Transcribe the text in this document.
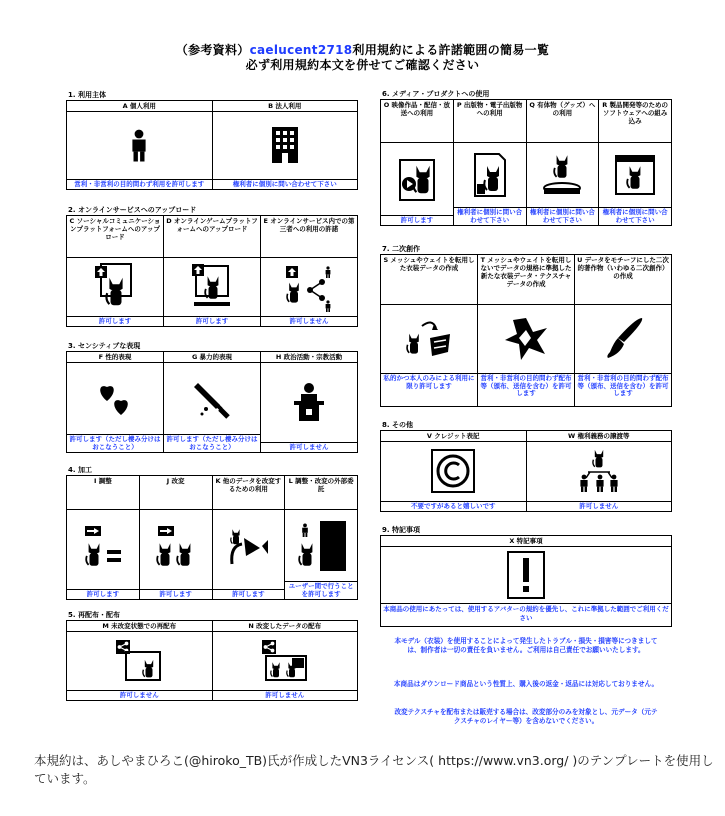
（参考資料）caelucent2718利用規約による許諾範囲の簡易一覧
必ず利用規約本文を併せてご確認ください
1. 利用主体
A 個人利用
営利・非営利の目的問わず利用を許可します
B 法人利用
権利者に個別に問い合わせて下さい
2. オンラインサービスへのアップロード
C ソーシャルコミュニケーションプラットフォームへのアップロード
許可します
D オンラインゲームプラットフォームへのアップロード
許可します
E オンラインサービス内での第三者への利用の許諾
許可しません
3. センシティブな表現
F 性的表現
許可します（ただし棲み分けはおこなうこと）
G 暴力的表現
許可します（ただし棲み分けはおこなうこと）
H 政治活動・宗教活動
許可しません
4. 加工
I 調整
許可します
J 改変
許可します
K 他のデータを改変するための利用
許可します
L 調整・改変の外部委託
ユーザー間で行うことを許可します
5. 再配布・配布
M 未改変状態での再配布
許可しません
N 改変したデータの配布
許可しません
6. メディア・プロダクトへの使用
O 映像作品・配信・放送への利用
許可します
P 出版物・電子出版物への利用
権利者に個別に問い合わせて下さい
Q 有体物（グッズ）への利用
権利者に個別に問い合わせて下さい
R 製品開発等のためのソフトウェアへの組み込み
権利者に個別に問い合わせて下さい
7. 二次創作
S メッシュやウェイトを転用した衣装データの作成
私的かつ本人のみによる利用に限り許可します
T メッシュやウェイトを転用しないでデータの規格に準拠した新たな衣装データ・テクスチャデータの作成
営利・非営利の目的問わず配布等（頒布、送信を含む）を許可します
U データをモチーフにした二次的著作物（いわゆる二次創作）の作成
営利・非営利の目的問わず配布等（頒布、送信を含む）を許可します
8. その他
V クレジット表記
不要ですがあると嬉しいです
W 権利義務の譲渡等
許可しません
9. 特記事項
X 特記事項
本商品の使用にあたっては、使用するアバターの規約を優先し、これに準拠した範囲でご利用ください
本モデル（衣装）を使用することによって発生したトラブル・損失・損害等につきましては、制作者は一切の責任を負いません。ご利用は自己責任でお願いいたします。
本商品はダウンロード商品という性質上、購入後の返金・返品には対応しておりません。
改変テクスチャを配布または販売する場合は、改変部分のみを対象とし、元データ（元テクスチャのレイヤー等）を含めないでください。
本規約は、あしやまひろこ(@hiroko_TB)氏が作成したVN3ライセンス( https://www.vn3.org/ )のテンプレートを使用しています。
